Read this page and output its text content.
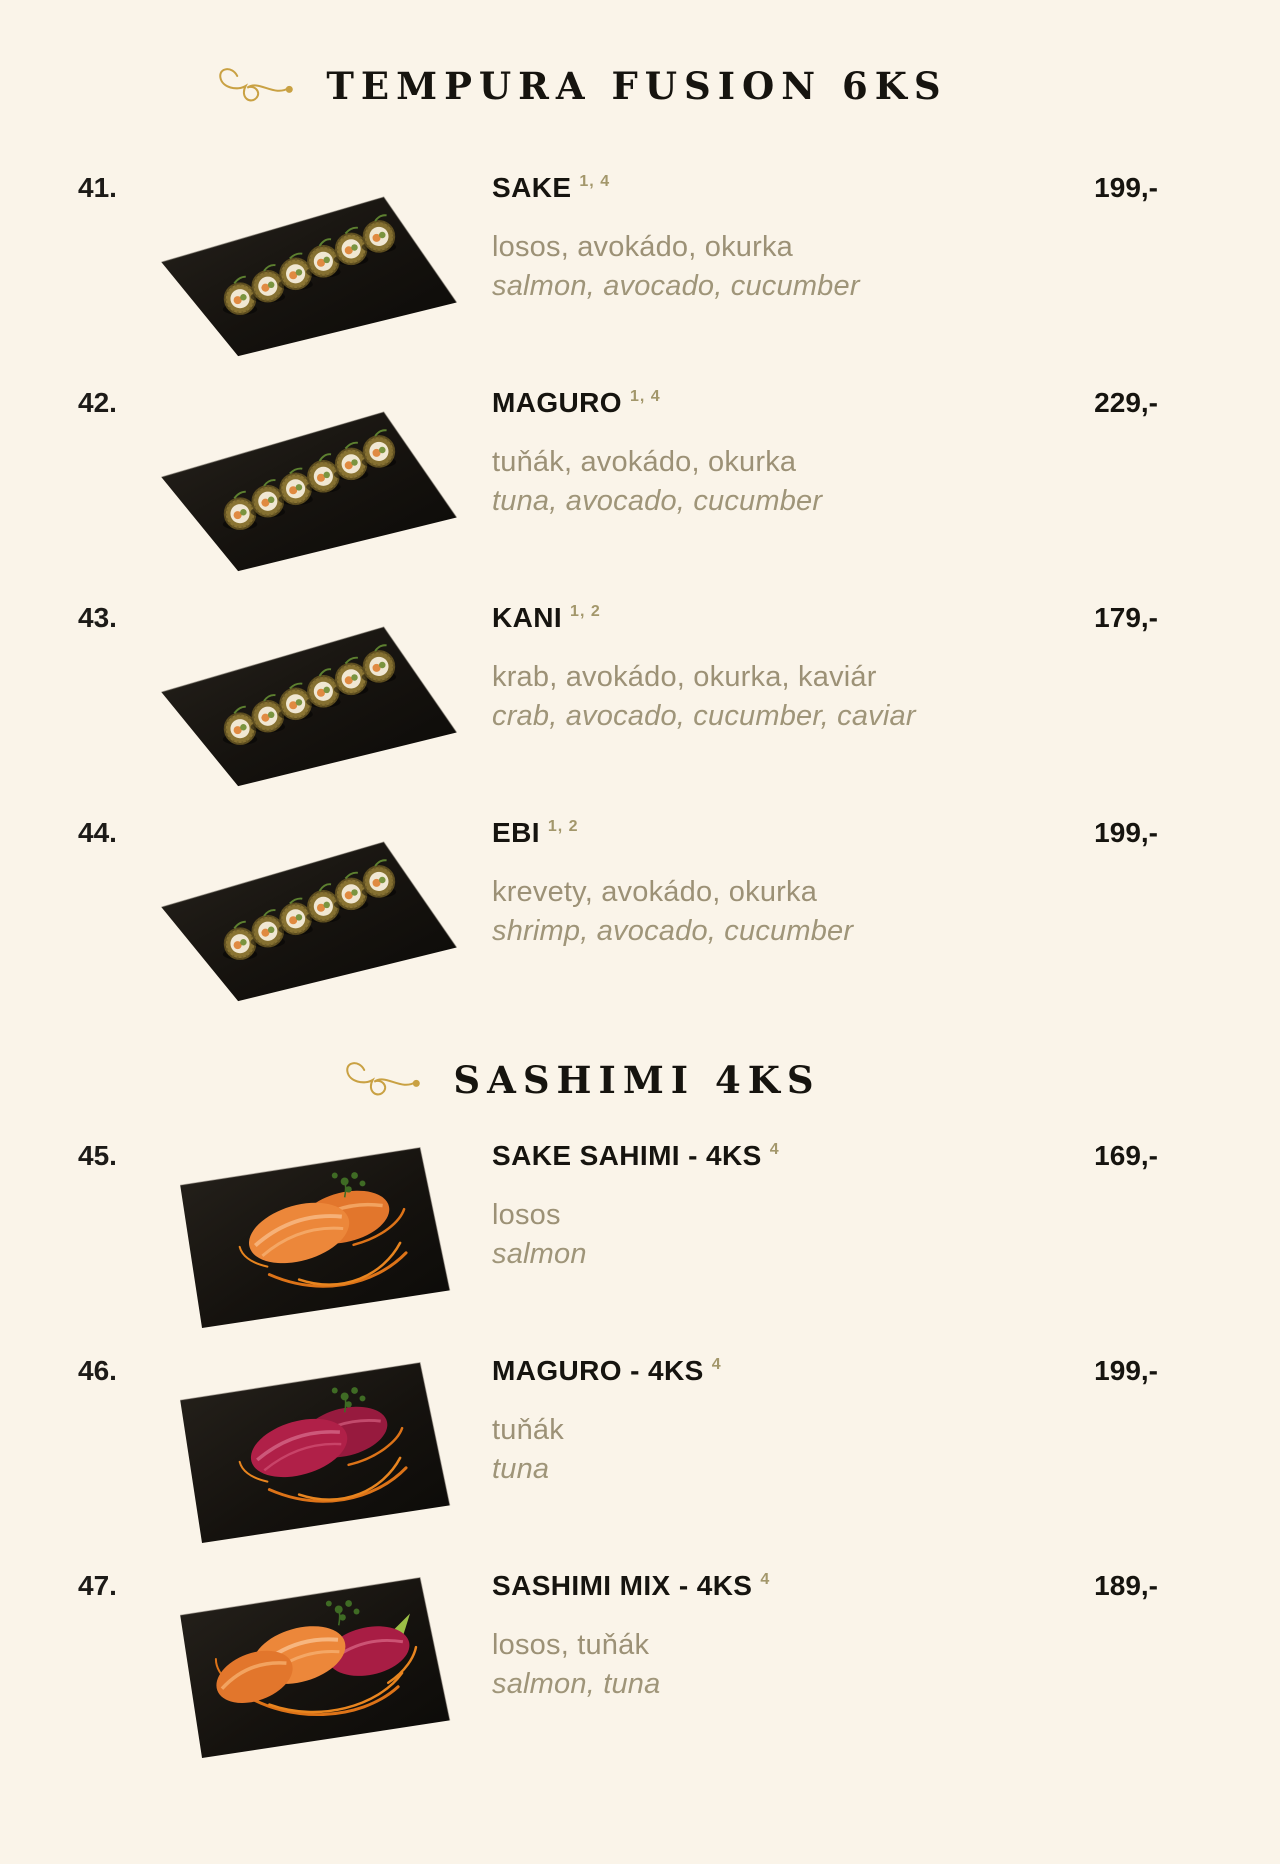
TEMPURA FUSION 6KS
41.	SAKE 1, 4
losos, avokádo, okurka
salmon, avocado, cucumber
199,-
42.	MAGURO 1, 4
tuňák, avokádo, okurka
tuna, avocado, cucumber
229,-
43.	KANI 1, 2
krab, avokádo, okurka, kaviár
crab, avocado, cucumber, caviar
179,-
44.	EBI 1, 2
krevety, avokádo, okurka
shrimp, avocado, cucumber
199,-
SASHIMI 4KS
45.	SAKE SAHIMI - 4KS 4
losos
salmon
169,-
46.	MAGURO - 4KS 4
tuňák
tuna
199,-
47.	SASHIMI MIX - 4KS 4
losos, tuňák
salmon, tuna
189,-
